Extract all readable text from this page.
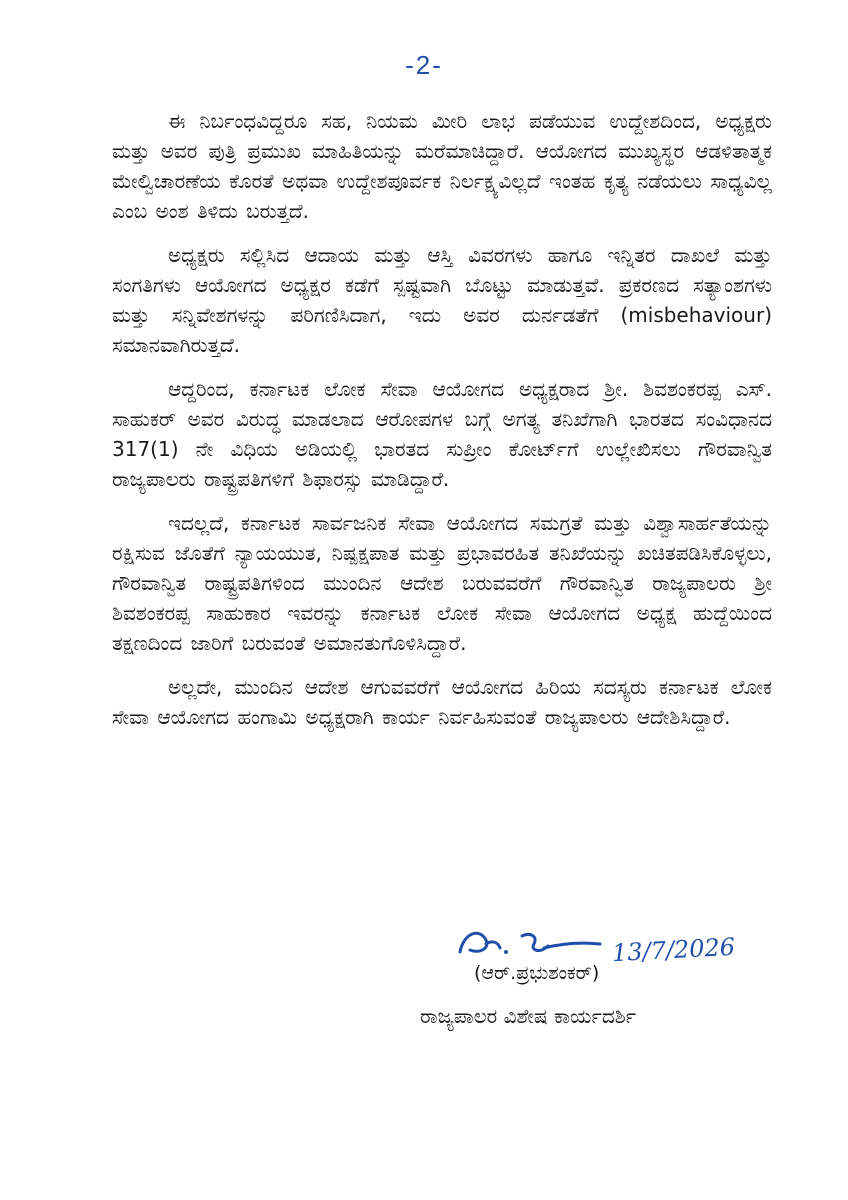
-2-

ಈ ನಿರ್ಬಂಧವಿದ್ದರೂ ಸಹ, ನಿಯಮ ಮೀರಿ ಲಾಭ ಪಡೆಯುವ ಉದ್ದೇಶದಿಂದ, ಅಧ್ಯಕ್ಷರು ಮತ್ತು ಅವರ ಪುತ್ರಿ ಪ್ರಮುಖ ಮಾಹಿತಿಯನ್ನು ಮರೆಮಾಚಿದ್ದಾರೆ. ಆಯೋಗದ ಮುಖ್ಯಸ್ಥರ ಆಡಳಿತಾತ್ಮಕ ಮೇಲ್ವಿಚಾರಣೆಯ ಕೊರತೆ ಅಥವಾ ಉದ್ದೇಶಪೂರ್ವಕ ನಿರ್ಲಕ್ಷ್ಯವಿಲ್ಲದೆ ಇಂತಹ ಕೃತ್ಯ ನಡೆಯಲು ಸಾಧ್ಯವಿಲ್ಲ ಎಂಬ ಅಂಶ ತಿಳಿದು ಬರುತ್ತದೆ.

ಅಧ್ಯಕ್ಷರು ಸಲ್ಲಿಸಿದ ಆದಾಯ ಮತ್ತು ಆಸ್ತಿ ವಿವರಗಳು ಹಾಗೂ ಇನ್ನಿತರ ದಾಖಲೆ ಮತ್ತು ಸಂಗತಿಗಳು ಆಯೋಗದ ಅಧ್ಯಕ್ಷರ ಕಡೆಗೆ ಸ್ಪಷ್ಟವಾಗಿ ಬೊಟ್ಟು ಮಾಡುತ್ತವೆ. ಪ್ರಕರಣದ ಸತ್ಯಾಂಶಗಳು ಮತ್ತು ಸನ್ನಿವೇಶಗಳನ್ನು ಪರಿಗಣಿಸಿದಾಗ, ಇದು ಅವರ ದುರ್ನಡತೆಗೆ (misbehaviour) ಸಮಾನವಾಗಿರುತ್ತದೆ.

ಆದ್ದರಿಂದ, ಕರ್ನಾಟಕ ಲೋಕ ಸೇವಾ ಆಯೋಗದ ಅಧ್ಯಕ್ಷರಾದ ಶ್ರೀ. ಶಿವಶಂಕರಪ್ಪ ಎಸ್. ಸಾಹುಕರ್ ಅವರ ವಿರುದ್ಧ ಮಾಡಲಾದ ಆರೋಪಗಳ ಬಗ್ಗೆ ಅಗತ್ಯ ತನಿಖೆಗಾಗಿ ಭಾರತದ ಸಂವಿಧಾನದ 317(1) ನೇ ವಿಧಿಯ ಅಡಿಯಲ್ಲಿ ಭಾರತದ ಸುಪ್ರೀಂ ಕೋರ್ಟ್‌ಗೆ ಉಲ್ಲೇಖಿಸಲು ಗೌರವಾನ್ವಿತ ರಾಜ್ಯಪಾಲರು ರಾಷ್ಟ್ರಪತಿಗಳಿಗೆ ಶಿಫಾರಸ್ಸು ಮಾಡಿದ್ದಾರೆ.

ಇದಲ್ಲದೆ, ಕರ್ನಾಟಕ ಸಾರ್ವಜನಿಕ ಸೇವಾ ಆಯೋಗದ ಸಮಗ್ರತೆ ಮತ್ತು ವಿಶ್ವಾಸಾರ್ಹತೆಯನ್ನು ರಕ್ಷಿಸುವ ಜೊತೆಗೆ ನ್ಯಾಯಯುತ, ನಿಷ್ಪಕ್ಷಪಾತ ಮತ್ತು ಪ್ರಭಾವರಹಿತ ತನಿಖೆಯನ್ನು ಖಚಿತಪಡಿಸಿಕೊಳ್ಳಲು, ಗೌರವಾನ್ವಿತ ರಾಷ್ಟ್ರಪತಿಗಳಿಂದ ಮುಂದಿನ ಆದೇಶ ಬರುವವರೆಗೆ ಗೌರವಾನ್ವಿತ ರಾಜ್ಯಪಾಲರು ಶ್ರೀ ಶಿವಶಂಕರಪ್ಪ ಸಾಹುಕಾರ ಇವರನ್ನು ಕರ್ನಾಟಕ ಲೋಕ ಸೇವಾ ಆಯೋಗದ ಅಧ್ಯಕ್ಷ ಹುದ್ದೆಯಿಂದ ತಕ್ಷಣದಿಂದ ಜಾರಿಗೆ ಬರುವಂತೆ ಅಮಾನತುಗೊಳಿಸಿದ್ದಾರೆ.

ಅಲ್ಲದೇ, ಮುಂದಿನ ಆದೇಶ ಆಗುವವರೆಗೆ ಆಯೋಗದ ಹಿರಿಯ ಸದಸ್ಯರು ಕರ್ನಾಟಕ ಲೋಕ ಸೇವಾ ಆಯೋಗದ ಹಂಗಾಮಿ ಅಧ್ಯಕ್ಷರಾಗಿ ಕಾರ್ಯ ನಿರ್ವಹಿಸುವಂತೆ ರಾಜ್ಯಪಾಲರು ಆದೇಶಿಸಿದ್ದಾರೆ.

13/7/2026
(ಆರ್.ಪ್ರಭುಶಂಕರ್)
ರಾಜ್ಯಪಾಲರ ವಿಶೇಷ ಕಾರ್ಯದರ್ಶಿ
